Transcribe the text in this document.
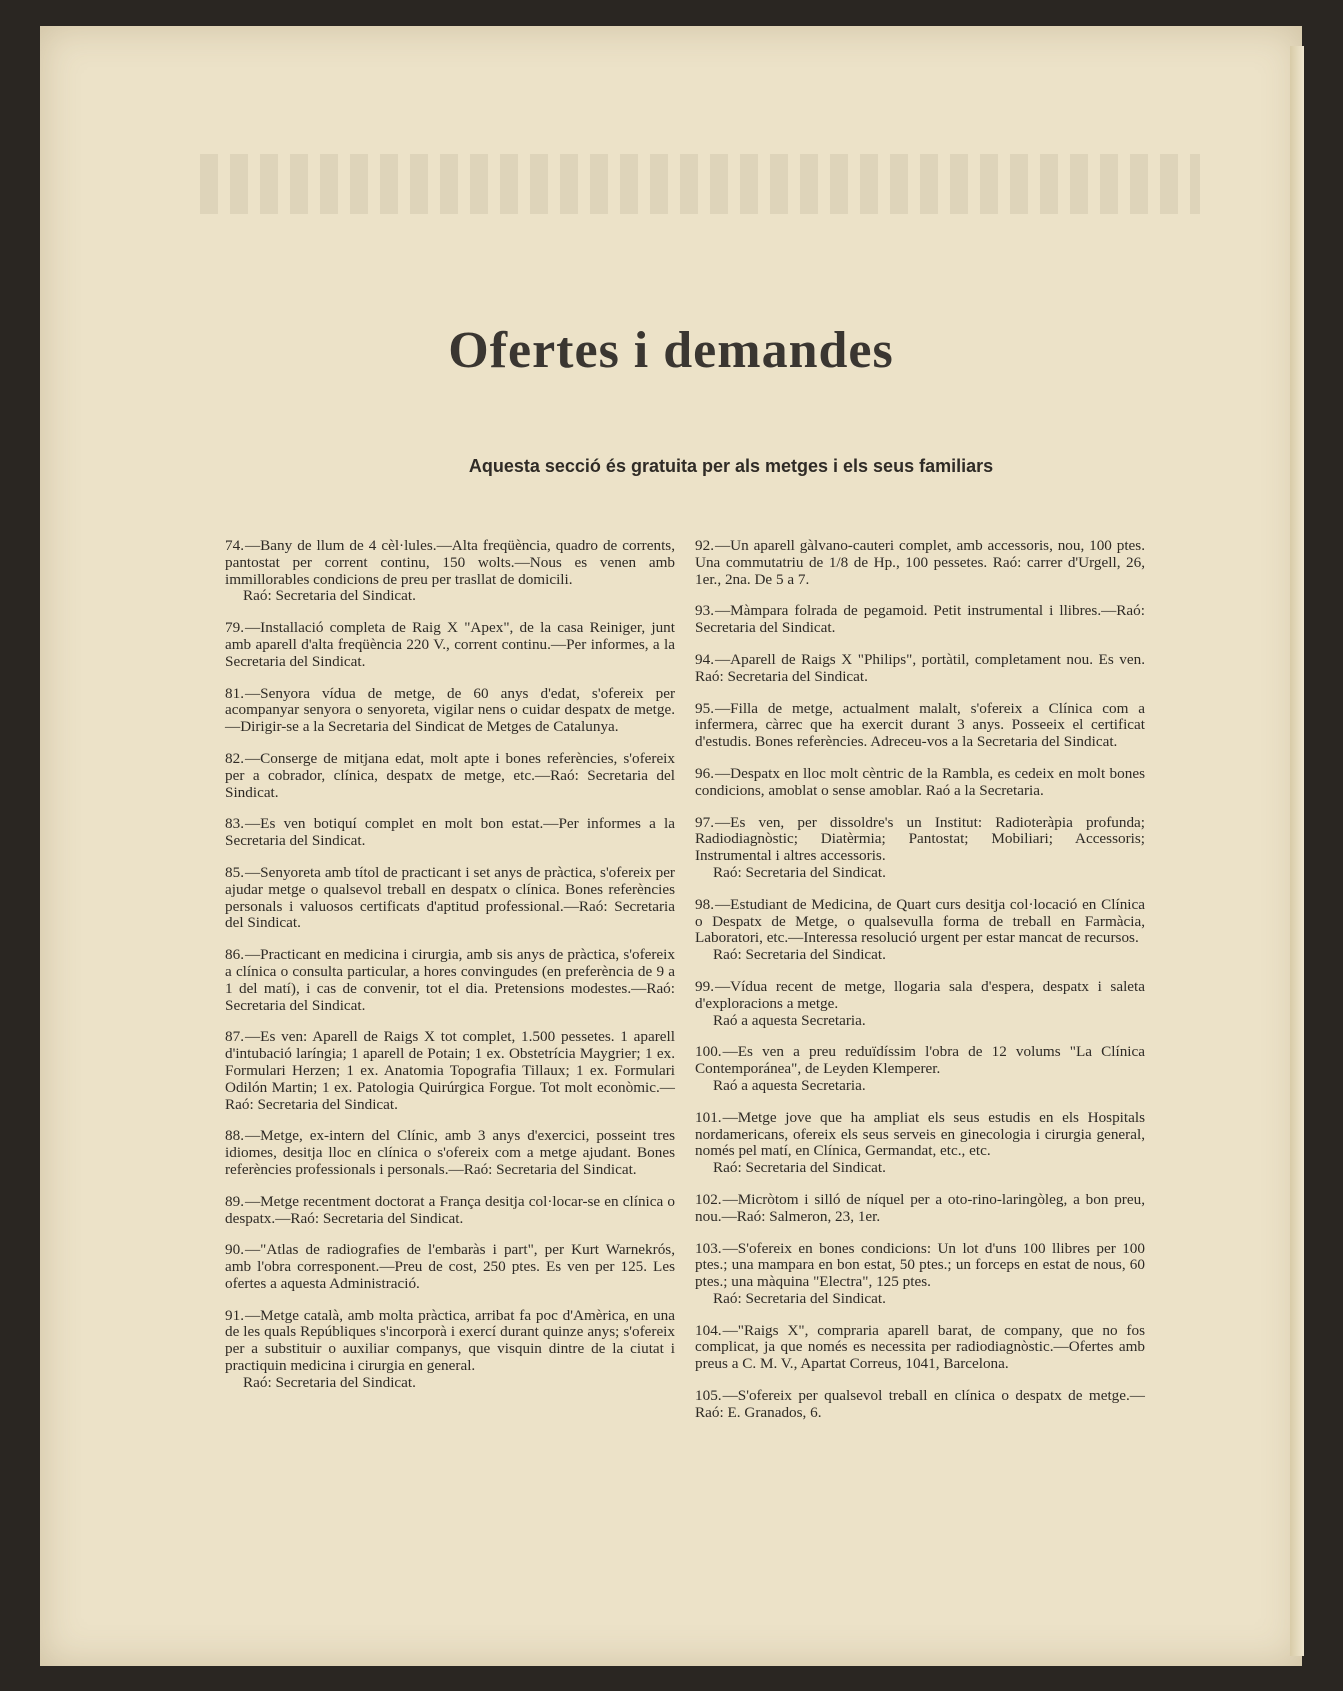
Ofertes i demandes

Aquesta secció és gratuita per als metges i els seus familiars

74.—Bany de llum de 4 cèl·lules.—Alta freqüència, quadro de corrents, pantostat per corrent continu, 150 wolts.—Nous es venen amb immillorables condicions de preu per trasllat de domicili.
Raó: Secretaria del Sindicat.

79.—Installació completa de Raig X "Apex", de la casa Reiniger, junt amb aparell d'alta freqüència 220 V., corrent continu.—Per informes, a la Secretaria del Sindicat.

81.—Senyora vídua de metge, de 60 anys d'edat, s'ofereix per acompanyar senyora o senyoreta, vigilar nens o cuidar despatx de metge.—Dirigir-se a la Secretaria del Sindicat de Metges de Catalunya.

82.—Conserge de mitjana edat, molt apte i bones referències, s'ofereix per a cobrador, clínica, despatx de metge, etc.—Raó: Secretaria del Sindicat.

83.—Es ven botiquí complet en molt bon estat.—Per informes a la Secretaria del Sindicat.

85.—Senyoreta amb títol de practicant i set anys de pràctica, s'ofereix per ajudar metge o qualsevol treball en despatx o clínica. Bones referències personals i valuosos certificats d'aptitud professional.—Raó: Secretaria del Sindicat.

86.—Practicant en medicina i cirurgia, amb sis anys de pràctica, s'ofereix a clínica o consulta particular, a hores convingudes (en preferència de 9 a 1 del matí), i cas de convenir, tot el dia. Pretensions modestes.—Raó: Secretaria del Sindicat.

87.—Es ven: Aparell de Raigs X tot complet, 1.500 pessetes. 1 aparell d'intubació laríngia; 1 aparell de Potain; 1 ex. Obstetrícia Maygrier; 1 ex. Formulari Herzen; 1 ex. Anatomia Topografia Tillaux; 1 ex. Formulari Odilón Martin; 1 ex. Patologia Quirúrgica Forgue. Tot molt econòmic.—Raó: Secretaria del Sindicat.

88.—Metge, ex-intern del Clínic, amb 3 anys d'exercici, posseint tres idiomes, desitja lloc en clínica o s'ofereix com a metge ajudant. Bones referències professionals i personals.—Raó: Secretaria del Sindicat.

89.—Metge recentment doctorat a França desitja col·locar-se en clínica o despatx.—Raó: Secretaria del Sindicat.

90.—"Atlas de radiografies de l'embaràs i part", per Kurt Warnekrós, amb l'obra corresponent.—Preu de cost, 250 ptes. Es ven per 125. Les ofertes a aquesta Administració.

91.—Metge català, amb molta pràctica, arribat fa poc d'Amèrica, en una de les quals Repúbliques s'incorporà i exercí durant quinze anys; s'ofereix per a substituir o auxiliar companys, que visquin dintre de la ciutat i practiquin medicina i cirurgia en general.
Raó: Secretaria del Sindicat.

92.—Un aparell gàlvano-cauteri complet, amb accessoris, nou, 100 ptes. Una commutatriu de 1/8 de Hp., 100 pessetes. Raó: carrer d'Urgell, 26, 1er., 2na. De 5 a 7.

93.—Màmpara folrada de pegamoid. Petit instrumental i llibres.—Raó: Secretaria del Sindicat.

94.—Aparell de Raigs X "Philips", portàtil, completament nou. Es ven. Raó: Secretaria del Sindicat.

95.—Filla de metge, actualment malalt, s'ofereix a Clínica com a infermera, càrrec que ha exercit durant 3 anys. Posseeix el certificat d'estudis. Bones referències. Adreceu-vos a la Secretaria del Sindicat.

96.—Despatx en lloc molt cèntric de la Rambla, es cedeix en molt bones condicions, amoblat o sense amoblar. Raó a la Secretaria.

97.—Es ven, per dissoldre's un Institut: Radioteràpia profunda; Radiodiagnòstic; Diatèrmia; Pantostat; Mobiliari; Accessoris; Instrumental i altres accessoris.
Raó: Secretaria del Sindicat.

98.—Estudiant de Medicina, de Quart curs desitja col·locació en Clínica o Despatx de Metge, o qualsevulla forma de treball en Farmàcia, Laboratori, etc.—Interessa resolució urgent per estar mancat de recursos.
Raó: Secretaria del Sindicat.

99.—Vídua recent de metge, llogaria sala d'espera, despatx i saleta d'exploracions a metge.
Raó a aquesta Secretaria.

100.—Es ven a preu reduïdíssim l'obra de 12 volums "La Clínica Contemporánea", de Leyden Klemperer.
Raó a aquesta Secretaria.

101.—Metge jove que ha ampliat els seus estudis en els Hospitals nordamericans, ofereix els seus serveis en ginecologia i cirurgia general, només pel matí, en Clínica, Germandat, etc., etc.
Raó: Secretaria del Sindicat.

102.—Micròtom i silló de níquel per a oto-rino-laringòleg, a bon preu, nou.—Raó: Salmeron, 23, 1er.

103.—S'ofereix en bones condicions: Un lot d'uns 100 llibres per 100 ptes.; una mampara en bon estat, 50 ptes.; un forceps en estat de nous, 60 ptes.; una màquina "Electra", 125 ptes.
Raó: Secretaria del Sindicat.

104.—"Raigs X", compraria aparell barat, de company, que no fos complicat, ja que només es necessita per radiodiagnòstic.—Ofertes amb preus a C. M. V., Apartat Correus, 1041, Barcelona.

105.—S'ofereix per qualsevol treball en clínica o despatx de metge.—Raó: E. Granados, 6.
